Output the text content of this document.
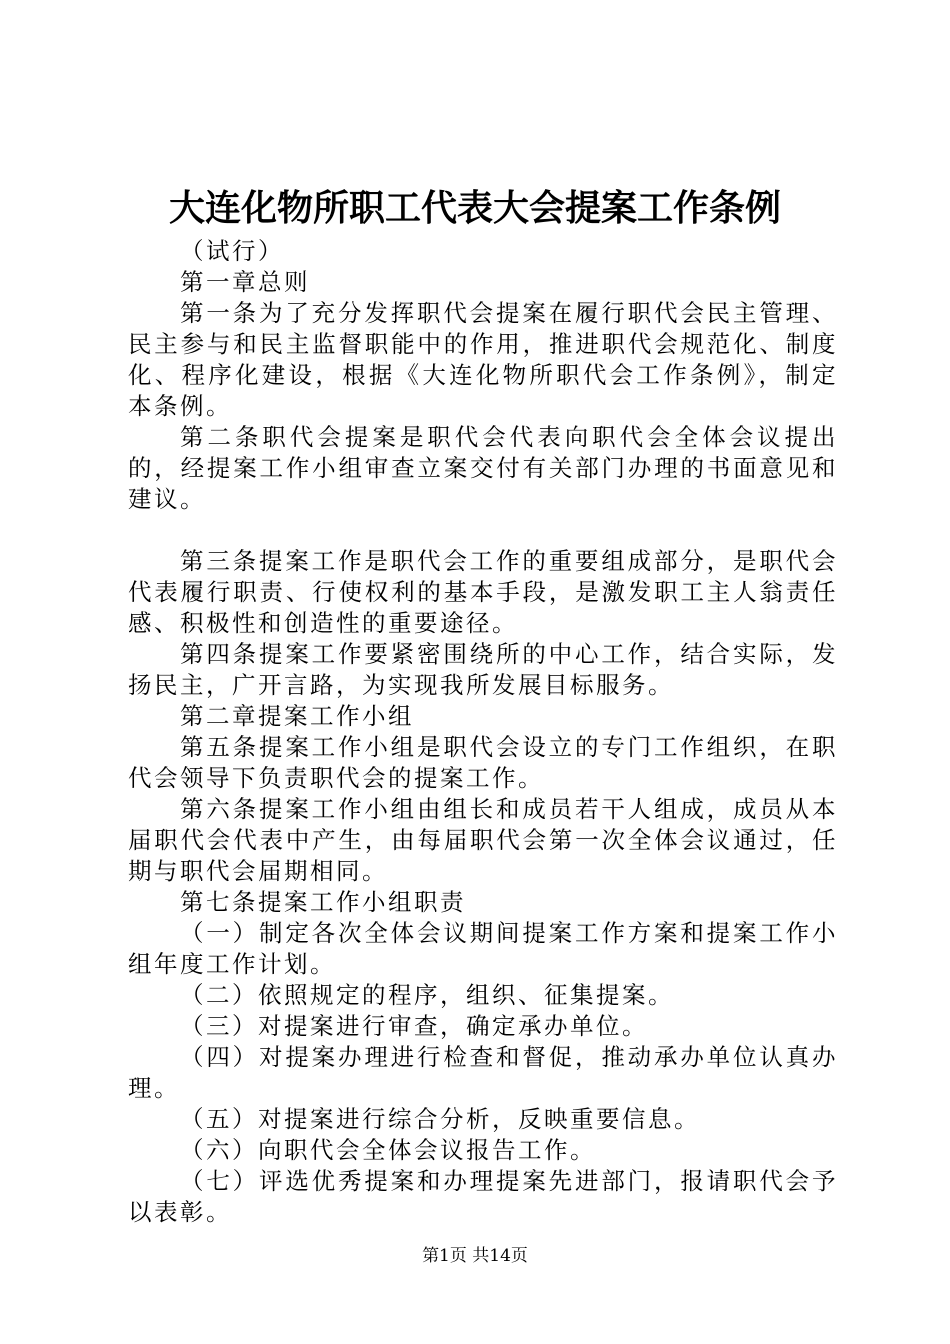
大连化物所职工代表大会提案工作条例

（试行）

第一章总则

第一条为了充分发挥职代会提案在履行职代会民主管理、民主参与和民主监督职能中的作用，推进职代会规范化、制度化、程序化建设，根据《大连化物所职代会工作条例》，制定本条例。

第二条职代会提案是职代会代表向职代会全体会议提出的，经提案工作小组审查立案交付有关部门办理的书面意见和建议。

第三条提案工作是职代会工作的重要组成部分，是职代会代表履行职责、行使权利的基本手段，是激发职工主人翁责任感、积极性和创造性的重要途径。

第四条提案工作要紧密围绕所的中心工作，结合实际，发扬民主，广开言路，为实现我所发展目标服务。

第二章提案工作小组

第五条提案工作小组是职代会设立的专门工作组织，在职代会领导下负责职代会的提案工作。

第六条提案工作小组由组长和成员若干人组成，成员从本届职代会代表中产生，由每届职代会第一次全体会议通过，任期与职代会届期相同。

第七条提案工作小组职责

（一）制定各次全体会议期间提案工作方案和提案工作小组年度工作计划。

（二）依照规定的程序，组织、征集提案。

（三）对提案进行审查，确定承办单位。

（四）对提案办理进行检查和督促，推动承办单位认真办理。

（五）对提案进行综合分析，反映重要信息。

（六）向职代会全体会议报告工作。

（七）评选优秀提案和办理提案先进部门，报请职代会予以表彰。

第1页 共14页
